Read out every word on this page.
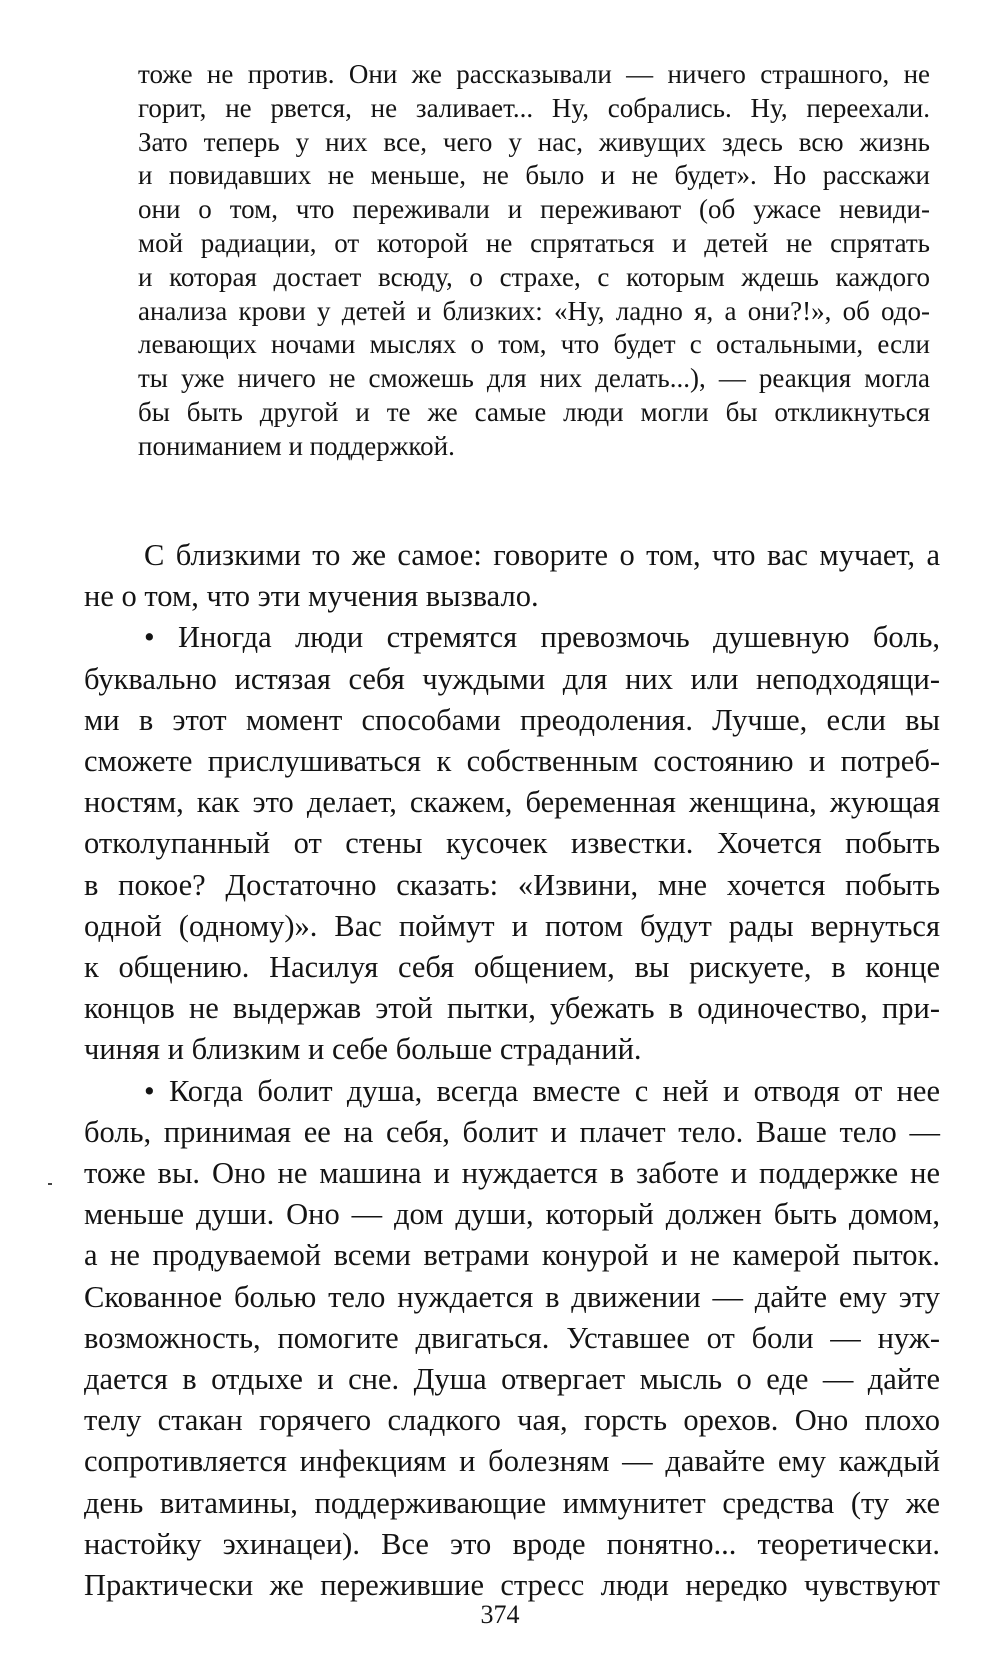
тоже не против. Они же рассказывали — ничего страшного, не
горит, не рвется, не заливает... Ну, собрались. Ну, переехали.
Зато теперь у них все, чего у нас, живущих здесь всю жизнь
и повидавших не меньше, не было и не будет». Но расскажи
они о том, что переживали и переживают (об ужасе невиди-
мой радиации, от которой не спрятаться и детей не спрятать
и которая достает всюду, о страхе, с которым ждешь каждого
анализа крови у детей и близких: «Ну, ладно я, а они?!», об одо-
левающих ночами мыслях о том, что будет с остальными, если
ты уже ничего не сможешь для них делать...), — реакция могла
бы быть другой и те же самые люди могли бы откликнуться
пониманием и поддержкой.
С близкими то же самое: говорите о том, что вас мучает, а
не о том, что эти мучения вызвало.
• Иногда люди стремятся превозмочь душевную боль,
буквально истязая себя чуждыми для них или неподходящи-
ми в этот момент способами преодоления. Лучше, если вы
сможете прислушиваться к собственным состоянию и потреб-
ностям, как это делает, скажем, беременная женщина, жующая
отколупанный от стены кусочек известки. Хочется побыть
в покое? Достаточно сказать: «Извини, мне хочется побыть
одной (одному)». Вас поймут и потом будут рады вернуться
к общению. Насилуя себя общением, вы рискуете, в конце
концов не выдержав этой пытки, убежать в одиночество, при-
чиняя и близким и себе больше страданий.
• Когда болит душа, всегда вместе с ней и отводя от нее
боль, принимая ее на себя, болит и плачет тело. Ваше тело —
тоже вы. Оно не машина и нуждается в заботе и поддержке не
меньше души. Оно — дом души, который должен быть домом,
а не продуваемой всеми ветрами конурой и не камерой пыток.
Скованное болью тело нуждается в движении — дайте ему эту
возможность, помогите двигаться. Уставшее от боли — нуж-
дается в отдыхе и сне. Душа отвергает мысль о еде — дайте
телу стакан горячего сладкого чая, горсть орехов. Оно плохо
сопротивляется инфекциям и болезням — давайте ему каждый
день витамины, поддерживающие иммунитет средства (ту же
настойку эхинацеи). Все это вроде понятно... теоретически.
Практически же пережившие стресс люди нередко чувствуют
374
